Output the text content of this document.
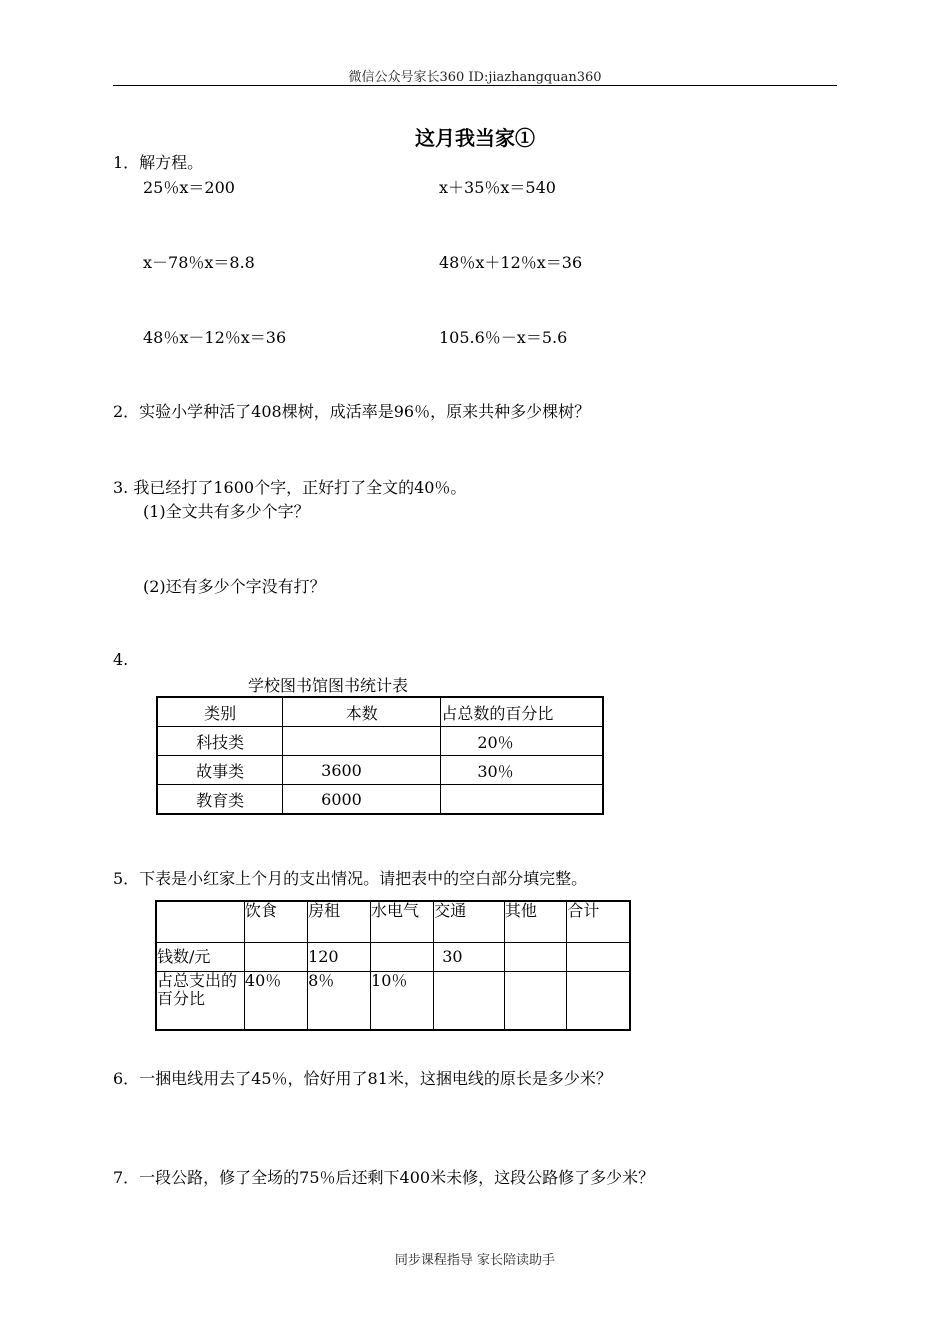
微信公众号家长360 ID:jiazhangquan360
这月我当家①
1．解方程。
25％x＝200	x＋35％x＝540
x－78％x＝8.8	48％x＋12％x＝36
48％x－12％x＝36	105.6％－x＝5.6
2．实验小学种活了408棵树，成活率是96％，原来共种多少棵树？
3. 我已经打了1600个字，正好打了全文的40％。
(1)全文共有多少个字？
(2)还有多少个字没有打？
4.
学校图书馆图书统计表
类别	本数	占总数的百分比
科技类		20％
故事类	3600	30％
教育类	6000	
5．下表是小红家上个月的支出情况。请把表中的空白部分填完整。
	饮食	房租	水电气	交通	其他	合计
钱数/元		120		30		
占总支出的百分比	40％	8％	10％			
6．一捆电线用去了45％，恰好用了81米，这捆电线的原长是多少米？
7．一段公路，修了全场的75％后还剩下400米未修，这段公路修了多少米？
同步课程指导 家长陪读助手
